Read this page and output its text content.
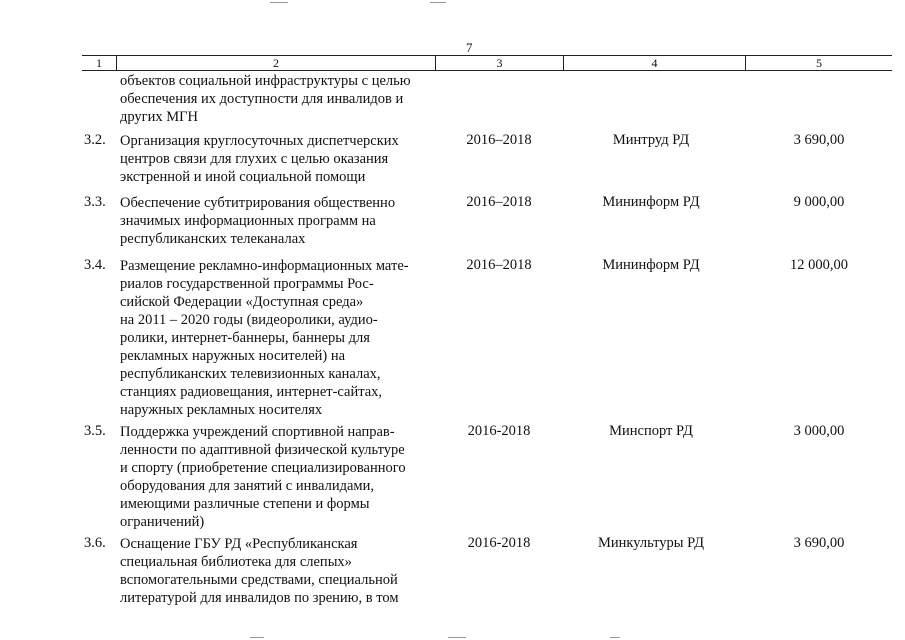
7
1	2	3	4	5
объектов социальной инфраструктуры с целью
обеспечения их доступности для инвалидов и
других МГН
3.2. Организация круглосуточных диспетчерских
центров связи для глухих с целью оказания
экстренной и иной социальной помощи
2016–2018	Минтруд РД	3 690,00
3.3. Обеспечение субтитрирования общественно
значимых информационных программ на
республиканских телеканалах
2016–2018	Мининформ РД	9 000,00
3.4. Размещение рекламно-информационных мате-
риалов государственной программы Рос-
сийской Федерации «Доступная среда»
на 2011 – 2020 годы (видеоролики, аудио-
ролики, интернет-баннеры, баннеры для
рекламных наружных носителей) на
республиканских телевизионных каналах,
станциях радиовещания, интернет-сайтах,
наружных рекламных носителях
2016–2018	Мининформ РД	12 000,00
3.5. Поддержка учреждений спортивной направ-
ленности по адаптивной физической культуре
и спорту (приобретение специализированного
оборудования для занятий с инвалидами,
имеющими различные степени и формы
ограничений)
2016-2018	Минспорт РД	3 000,00
3.6. Оснащение ГБУ РД «Республиканская
специальная библиотека для слепых»
вспомогательными средствами, специальной
литературой для инвалидов по зрению, в том
2016-2018	Минкультуры РД	3 690,00
